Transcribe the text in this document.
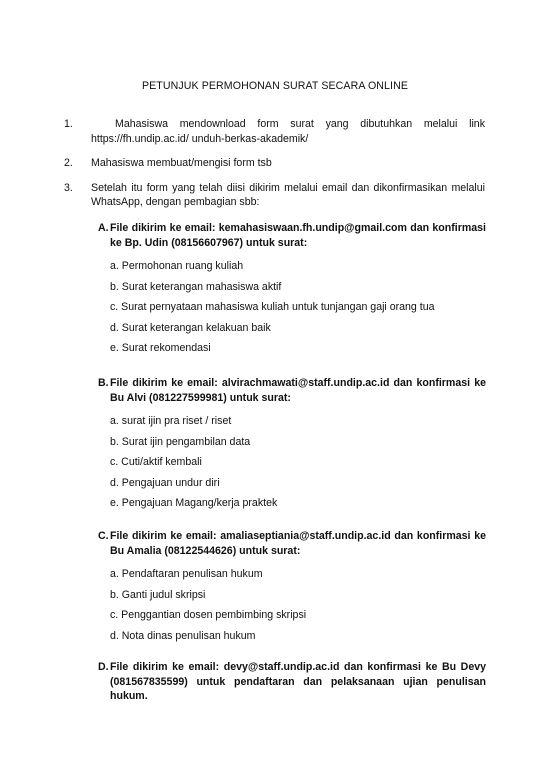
PETUNJUK PERMOHONAN SURAT SECARA ONLINE
1.	Mahasiswa mendownload form surat yang dibutuhkan melalui link
https://fh.undip.ac.id/ unduh-berkas-akademik/
2. Mahasiswa membuat/mengisi form tsb
3. Setelah itu form yang telah diisi dikirim melalui email dan dikonfirmasikan melalui WhatsApp, dengan pembagian sbb:
A. File dikirim ke email: kemahasiswaan.fh.undip@gmail.com dan konfirmasi ke Bp. Udin (08156607967) untuk surat:
a. Permohonan ruang kuliah
b. Surat keterangan mahasiswa aktif
c. Surat pernyataan mahasiswa kuliah untuk tunjangan gaji orang tua
d. Surat keterangan kelakuan baik
e. Surat rekomendasi
B. File dikirim ke email: alvirachmawati@staff.undip.ac.id dan konfirmasi ke Bu Alvi (081227599981) untuk surat:
a. surat ijin pra riset / riset
b. Surat ijin pengambilan data
c. Cuti/aktif kembali
d. Pengajuan undur diri
e. Pengajuan Magang/kerja praktek
C. File dikirim ke email: amaliaseptiania@staff.undip.ac.id dan konfirmasi ke Bu Amalia (08122544626) untuk surat:
a. Pendaftaran penulisan hukum
b. Ganti judul skripsi
c. Penggantian dosen pembimbing skripsi
d. Nota dinas penulisan hukum
D. File dikirim ke email: devy@staff.undip.ac.id dan konfirmasi ke Bu Devy (081567835599) untuk pendaftaran dan pelaksanaan ujian penulisan hukum.
